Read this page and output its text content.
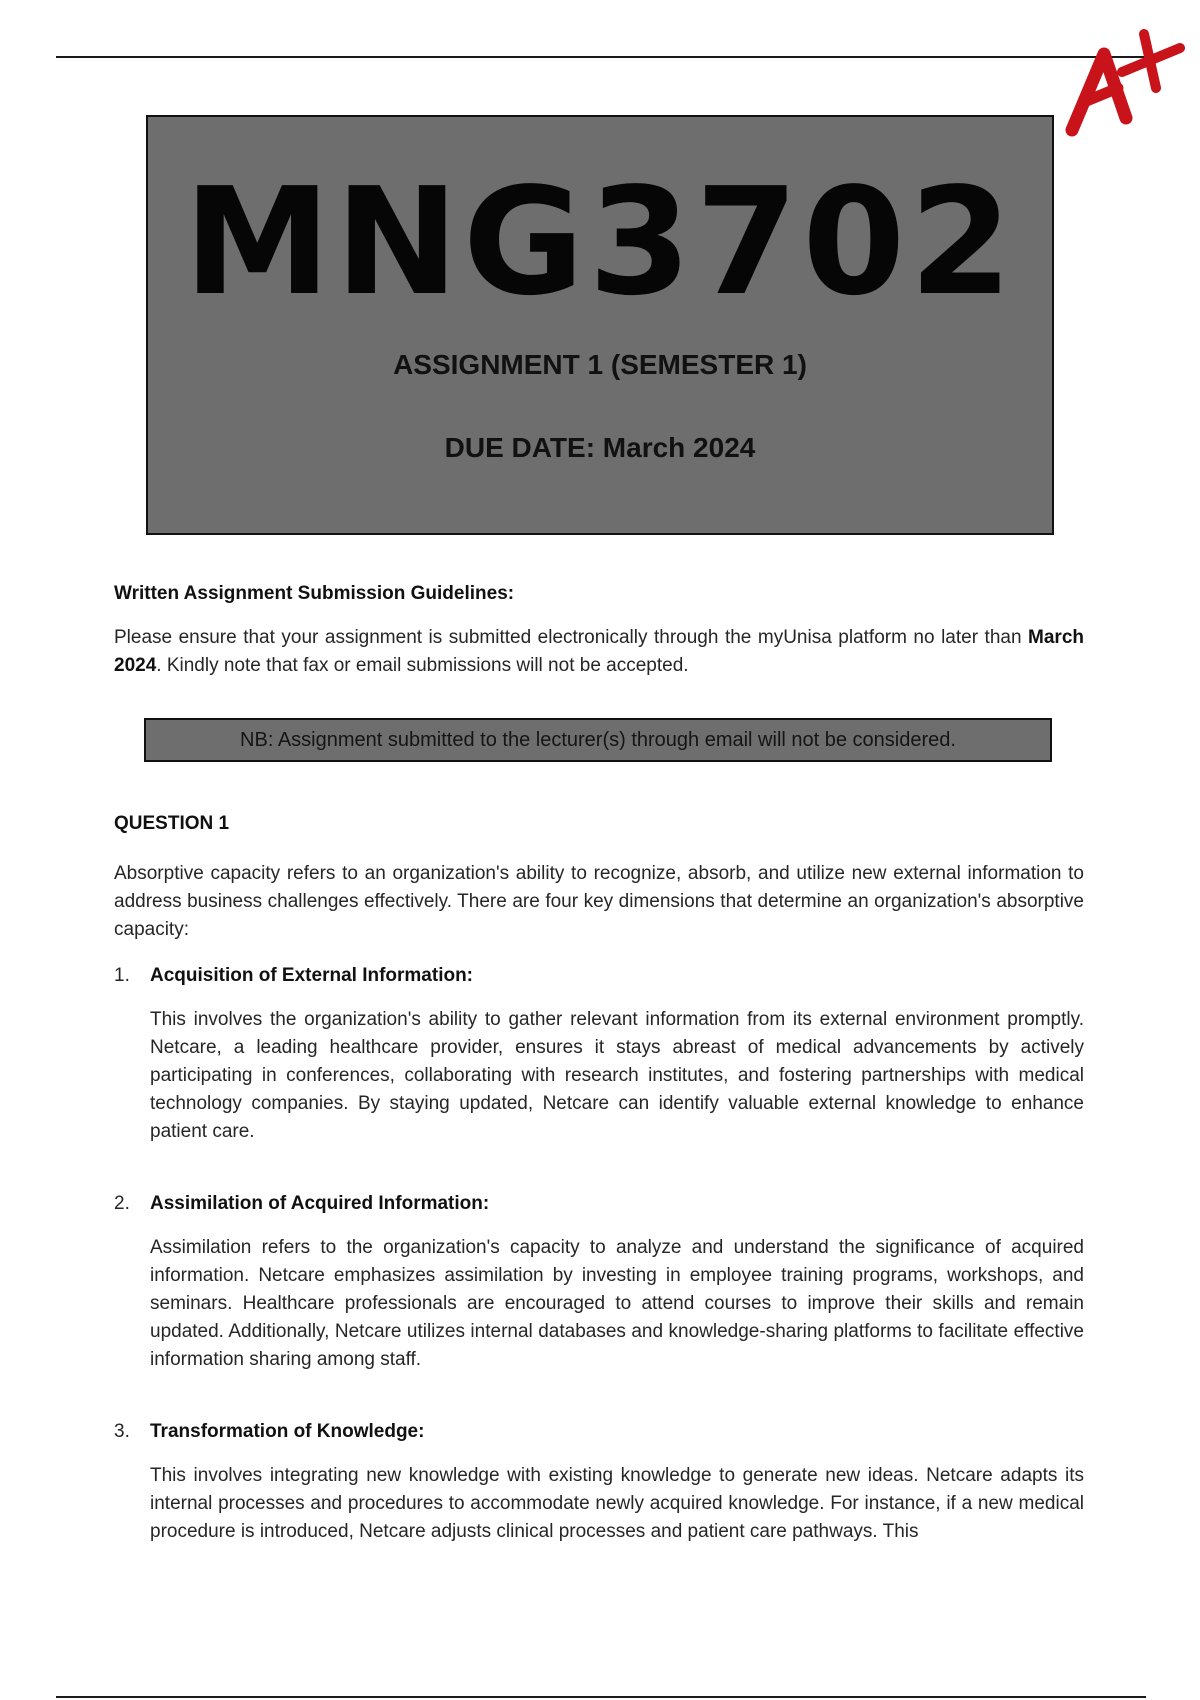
MNG3702
ASSIGNMENT 1 (SEMESTER 1)
DUE DATE: March 2024

Written Assignment Submission Guidelines:

Please ensure that your assignment is submitted electronically through the myUnisa platform no later than March 2024. Kindly note that fax or email submissions will not be accepted.

NB: Assignment submitted to the lecturer(s) through email will not be considered.

QUESTION 1

Absorptive capacity refers to an organization's ability to recognize, absorb, and utilize new external information to address business challenges effectively. There are four key dimensions that determine an organization's absorptive capacity:

1.	Acquisition of External Information:

This involves the organization's ability to gather relevant information from its external environment promptly. Netcare, a leading healthcare provider, ensures it stays abreast of medical advancements by actively participating in conferences, collaborating with research institutes, and fostering partnerships with medical technology companies. By staying updated, Netcare can identify valuable external knowledge to enhance patient care.

2.	Assimilation of Acquired Information:

Assimilation refers to the organization's capacity to analyze and understand the significance of acquired information. Netcare emphasizes assimilation by investing in employee training programs, workshops, and seminars. Healthcare professionals are encouraged to attend courses to improve their skills and remain updated. Additionally, Netcare utilizes internal databases and knowledge-sharing platforms to facilitate effective information sharing among staff.

3.	Transformation of Knowledge:

This involves integrating new knowledge with existing knowledge to generate new ideas. Netcare adapts its internal processes and procedures to accommodate newly acquired knowledge. For instance, if a new medical procedure is introduced, Netcare adjusts clinical processes and patient care pathways. This
